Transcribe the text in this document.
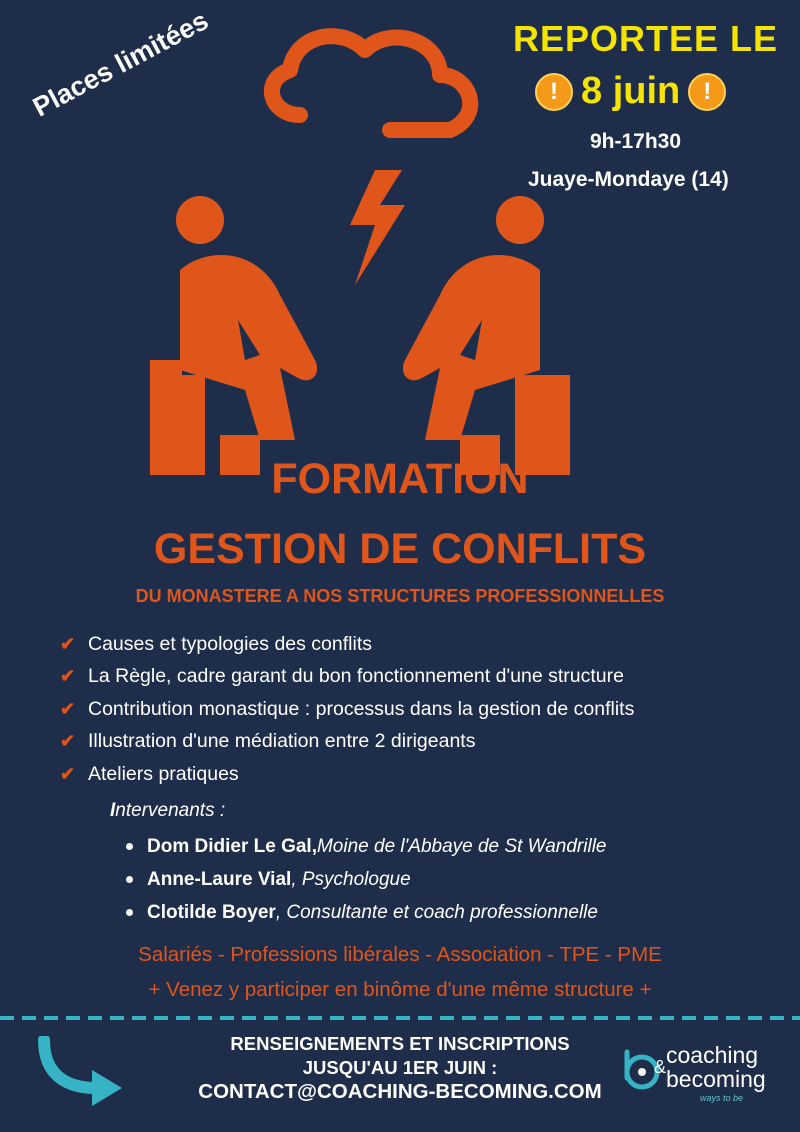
Places limitées	REPORTEE LE
! 8 juin !
9h-17h30
Juaye-Mondaye (14)
FORMATION
GESTION DE CONFLITS
DU MONASTERE A NOS STRUCTURES PROFESSIONNELLES
✔ Causes et typologies des conflits
✔ La Règle, cadre garant du bon fonctionnement d'une structure
✔ Contribution monastique : processus dans la gestion de conflits
✔ Illustration d'une médiation entre 2 dirigeants
✔ Ateliers pratiques
Intervenants :
Dom Didier Le Gal, Moine de l'Abbaye de St Wandrille
Anne-Laure Vial , Psychologue
Clotilde Boyer , Consultante et coach professionnelle
Salariés - Professions libérales - Association - TPE - PME
+ Venez y participer en binôme d'une même structure +
RENSEIGNEMENTS ET INSCRIPTIONS
JUSQU'AU 1ER JUIN :
CONTACT@COACHING-BECOMING.COM
coaching
& becoming
ways to be
